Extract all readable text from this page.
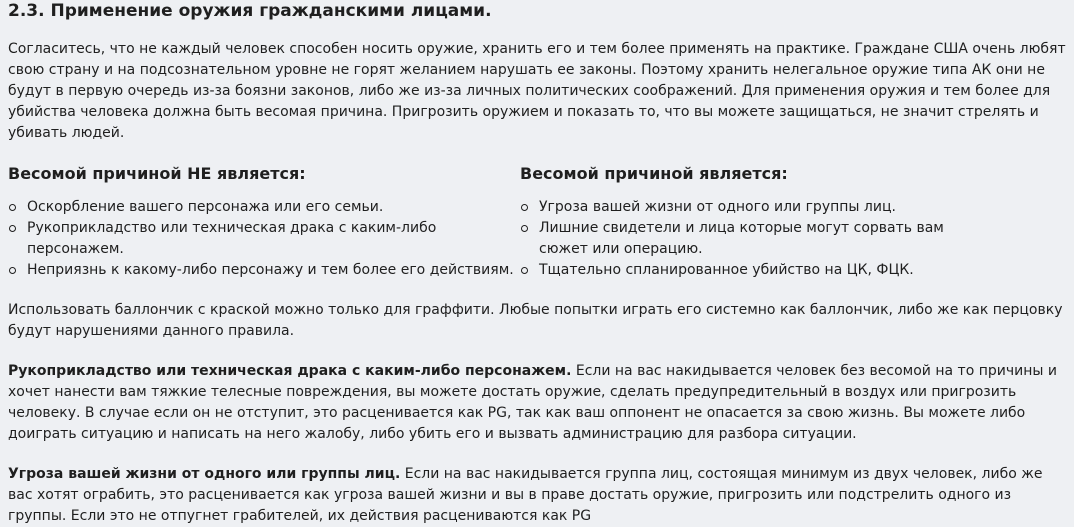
2.3. Применение оружия гражданскими лицами.

Согласитесь, что не каждый человек способен носить оружие, хранить его и тем более применять на практике. Граждане США очень любят свою страну и на подсознательном уровне не горят желанием нарушать ее законы. Поэтому хранить нелегальное оружие типа АК они не будут в первую очередь из-за боязни законов, либо же из-за личных политических соображений. Для применения оружия и тем более для убийства человека должна быть весомая причина. Пригрозить оружием и показать то, что вы можете защищаться, не значит стрелять и убивать людей.

Весомой причиной НЕ является:
Оскорбление вашего персонажа или его семьи.
Рукоприкладство или техническая драка с каким-либо персонажем.
Неприязнь к какому-либо персонажу и тем более его действиям.
Весомой причиной является:
Угроза вашей жизни от одного или группы лиц.
Лишние свидетели и лица которые могут сорвать вам сюжет или операцию.
Тщательно спланированное убийство на ЦК, ФЦК.

Использовать баллончик с краской можно только для граффити. Любые попытки играть его системно как баллончик, либо же как перцовку будут нарушениями данного правила.

Рукоприкладство или техническая драка с каким-либо персонажем. Если на вас накидывается человек без весомой на то причины и хочет нанести вам тяжкие телесные повреждения, вы можете достать оружие, сделать предупредительный в воздух или пригрозить человеку. В случае если он не отступит, это расценивается как PG, так как ваш оппонент не опасается за свою жизнь. Вы можете либо доиграть ситуацию и написать на него жалобу, либо убить его и вызвать администрацию для разбора ситуации.

Угроза вашей жизни от одного или группы лиц. Если на вас накидывается группа лиц, состоящая минимум из двух человек, либо же вас хотят ограбить, это расценивается как угроза вашей жизни и вы в праве достать оружие, пригрозить или подстрелить одного из группы. Если это не отпугнет грабителей, их действия расцениваются как PG
